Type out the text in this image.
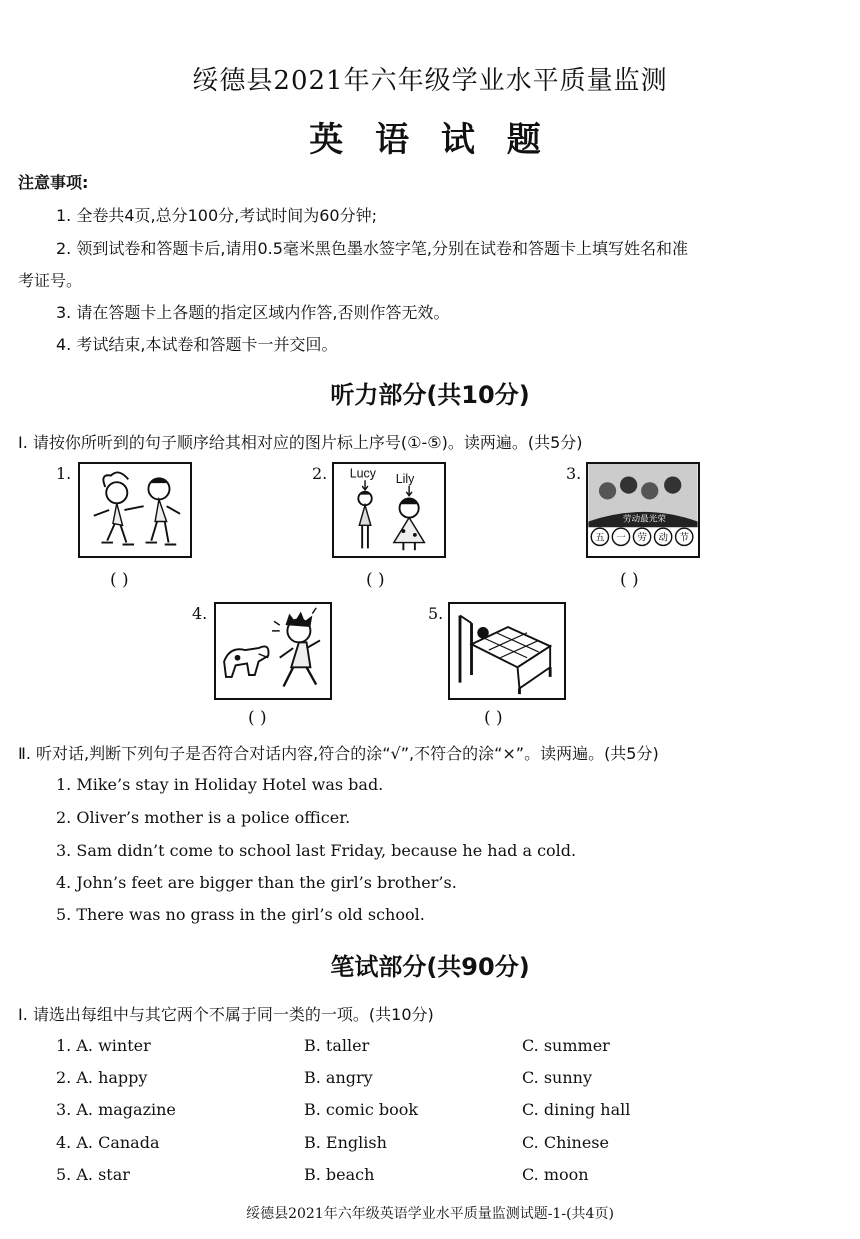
绥德县2021年六年级学业水平质量监测
英 语 试 题
注意事项:
1. 全卷共4页,总分100分,考试时间为60分钟;
2. 领到试卷和答题卡后,请用0.5毫米黑色墨水签字笔,分别在试卷和答题卡上填写姓名和准
考证号。
3. 请在答题卡上各题的指定区域内作答,否则作答无效。
4. 考试结束,本试卷和答题卡一并交回。
听力部分(共10分)
Ⅰ. 请按你所听到的句子顺序给其相对应的图片标上序号(①-⑤)。读两遍。(共5分)
1.
( )
2. Lucy Lily
( )
3.
劳动最光荣
五 一 劳 动 节
( )
4.
( )
5.
( )
Ⅱ. 听对话,判断下列句子是否符合对话内容,符合的涂“√”,不符合的涂“×”。读两遍。(共5分)
1. Mike’s stay in Holiday Hotel was bad.
2. Oliver’s mother is a police officer.
3. Sam didn’t come to school last Friday, because he had a cold.
4. John’s feet are bigger than the girl’s brother’s.
5. There was no grass in the girl’s old school.
笔试部分(共90分)
Ⅰ. 请选出每组中与其它两个不属于同一类的一项。(共10分)
1. A. winter	B. taller	C. summer
2. A. happy	B. angry	C. sunny
3. A. magazine	B. comic book	C. dining hall
4. A. Canada	B. English	C. Chinese
5. A. star	B. beach	C. moon
绥德县2021年六年级英语学业水平质量监测试题-1-(共4页)
